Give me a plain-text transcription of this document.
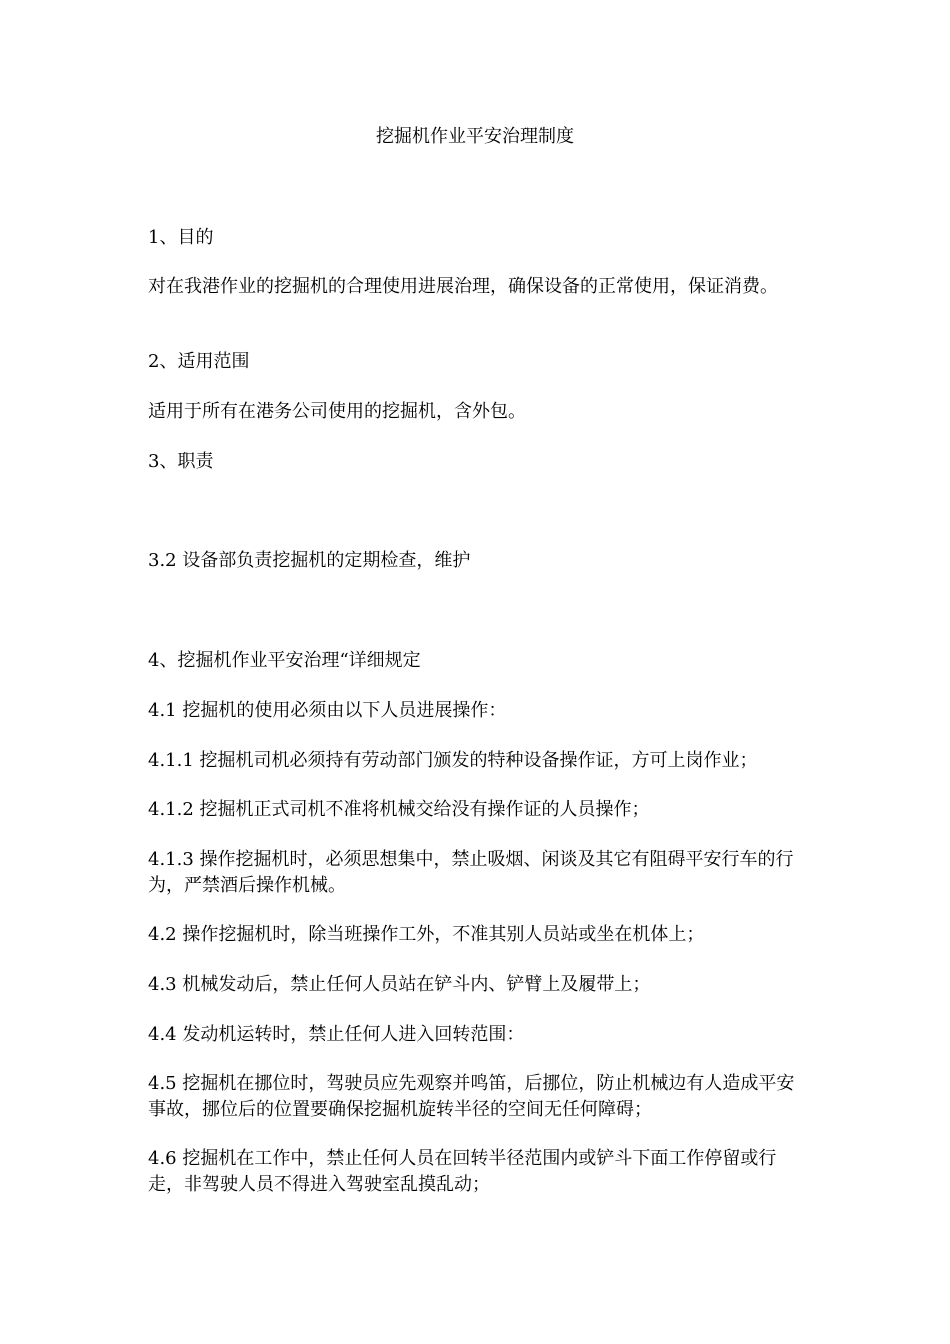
挖掘机作业平安治理制度

1、目的

对在我港作业的挖掘机的合理使用进展治理，确保设备的正常使用，保证消费。

2、适用范围

适用于所有在港务公司使用的挖掘机，含外包。

3、职责

3.2 设备部负责挖掘机的定期检查，维护

4、挖掘机作业平安治理“详细规定

4.1 挖掘机的使用必须由以下人员进展操作：

4.1.1 挖掘机司机必须持有劳动部门颁发的特种设备操作证，方可上岗作业；

4.1.2 挖掘机正式司机不准将机械交给没有操作证的人员操作；

4.1.3 操作挖掘机时，必须思想集中，禁止吸烟、闲谈及其它有阻碍平安行车的行为，严禁酒后操作机械。

4.2 操作挖掘机时，除当班操作工外，不准其别人员站或坐在机体上；

4.3 机械发动后，禁止任何人员站在铲斗内、铲臂上及履带上；

4.4 发动机运转时，禁止任何人进入回转范围：

4.5 挖掘机在挪位时，驾驶员应先观察并鸣笛，后挪位，防止机械边有人造成平安事故，挪位后的位置要确保挖掘机旋转半径的空间无任何障碍；

4.6 挖掘机在工作中，禁止任何人员在回转半径范围内或铲斗下面工作停留或行走，非驾驶人员不得进入驾驶室乱摸乱动；
